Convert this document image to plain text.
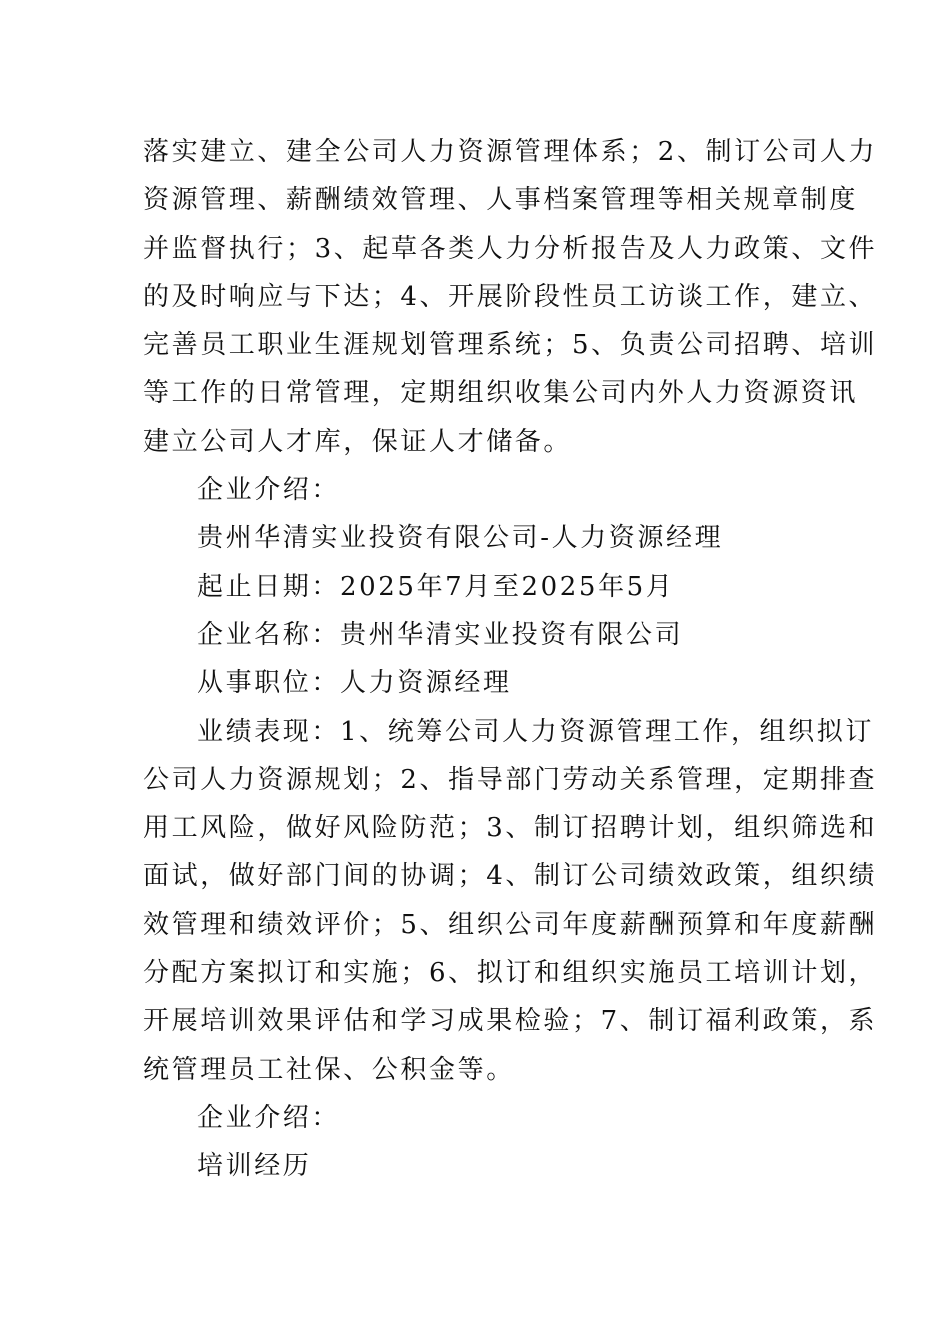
落实建立、建全公司人力资源管理体系；2、制订公司人力
资源管理、薪酬绩效管理、人事档案管理等相关规章制度
并监督执行；3、起草各类人力分析报告及人力政策、文件
的及时响应与下达；4、开展阶段性员工访谈工作，建立、
完善员工职业生涯规划管理系统；5、负责公司招聘、培训
等工作的日常管理，定期组织收集公司内外人力资源资讯
建立公司人才库，保证人才储备。

企业介绍：

贵州华清实业投资有限公司-人力资源经理

起止日期：2025年7月至2025年5月

企业名称：贵州华清实业投资有限公司

从事职位：人力资源经理

业绩表现：1、统筹公司人力资源管理工作，组织拟订
公司人力资源规划；2、指导部门劳动关系管理，定期排查
用工风险，做好风险防范；3、制订招聘计划，组织筛选和
面试，做好部门间的协调；4、制订公司绩效政策，组织绩
效管理和绩效评价；5、组织公司年度薪酬预算和年度薪酬
分配方案拟订和实施；6、拟订和组织实施员工培训计划，
开展培训效果评估和学习成果检验；7、制订福利政策，系
统管理员工社保、公积金等。

企业介绍：

培训经历
